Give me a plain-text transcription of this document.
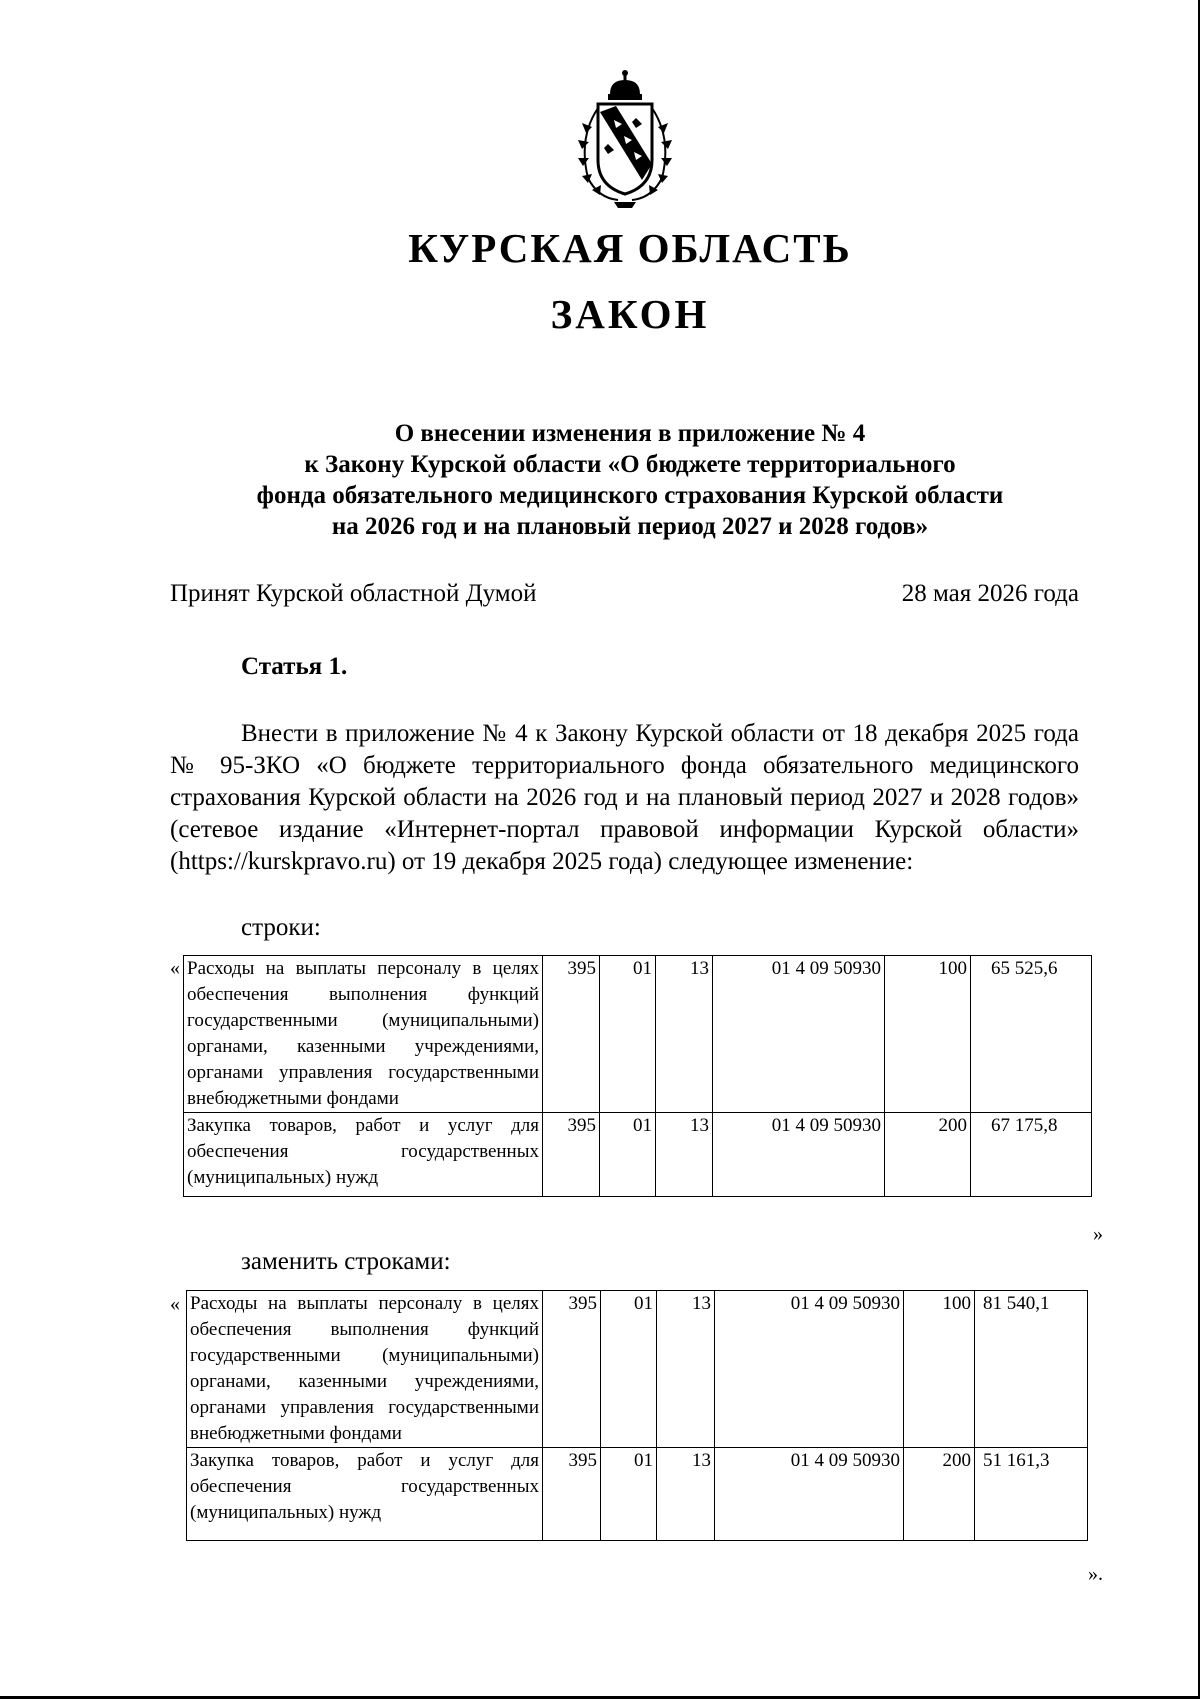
КУРСКАЯ ОБЛАСТЬ
ЗАКОН
О внесении изменения в приложение № 4
к Закону Курской области «О бюджете территориального
фонда обязательного медицинского страхования Курской области
на 2026 год и на плановый период 2027 и 2028 годов»
Принят Курской областной Думой	28 мая 2026 года
Статья 1.

Внести в приложение № 4 к Закону Курской области от 18 декабря 2025 года № 95-ЗКО «О бюджете территориального фонда обязательного медицинского страхования Курской области на 2026 год и на плановый период 2027 и 2028 годов» (сетевое издание «Интернет-портал правовой информации Курской области» (https://kurskpravo.ru) от 19 декабря 2025 года) следующее изменение:

строки:
« Расходы на выплаты персоналу в целях обеспечения выполнения функций государственными (муниципальными) органами, казенными учреждениями, органами управления государственными внебюджетными фондами	395	01	13	01 4 09 50930	100	65 525,6
Закупка товаров, работ и услуг для обеспечения государственных (муниципальных) нужд	395	01	13	01 4 09 50930	200	67 175,8
»
заменить строками:
« Расходы на выплаты персоналу в целях обеспечения выполнения функций государственными (муниципальными) органами, казенными учреждениями, органами управления государственными внебюджетными фондами	395	01	13	01 4 09 50930	100	81 540,1
Закупка товаров, работ и услуг для обеспечения государственных (муниципальных) нужд	395	01	13	01 4 09 50930	200	51 161,3
».
